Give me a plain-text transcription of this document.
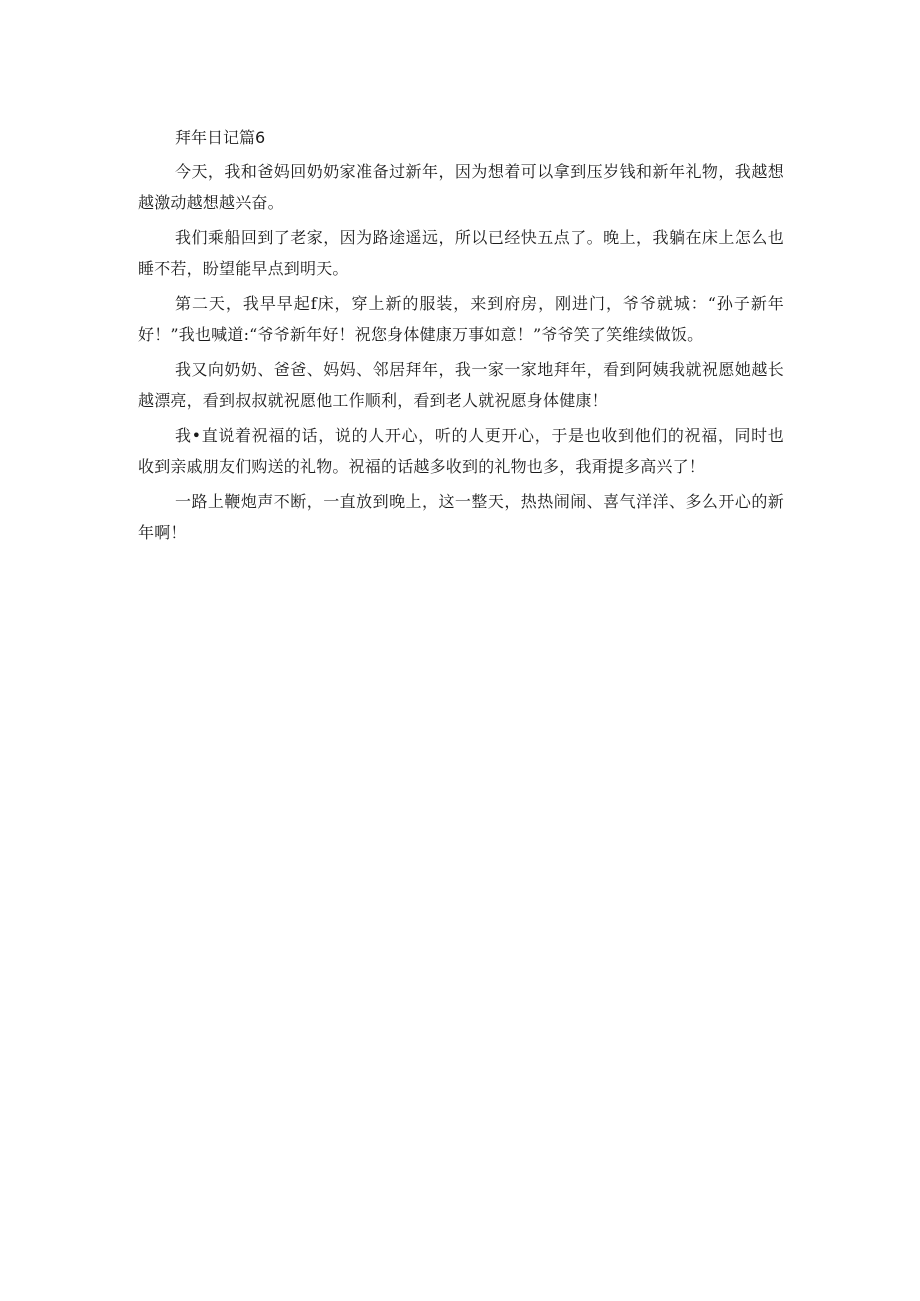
拜年日记篇6

今天，我和爸妈回奶奶家准备过新年，因为想着可以拿到压岁钱和新年礼物，我越想越激动越想越兴奋。

我们乘船回到了老家，因为路途遥远，所以已经快五点了。晚上，我躺在床上怎么也睡不若，盼望能早点到明天。

第二天，我早早起f床，穿上新的服装，来到府房，刚进门，爷爷就城：“孙子新年好！”我也喊道:“爷爷新年好！祝您身体健康万事如意！”爷爷笑了笑维续做饭。

我又向奶奶、爸爸、妈妈、邻居拜年，我一家一家地拜年，看到阿姨我就祝愿她越长越漂亮，看到叔叔就祝愿他工作顺利，看到老人就祝愿身体健康！

我•直说着祝福的话，说的人开心，听的人更开心，于是也收到他们的祝福，同时也收到亲戚朋友们购送的礼物。祝福的话越多收到的礼物也多，我甭提多高兴了！

一路上鞭炮声不断，一直放到晚上，这一整天，热热闹闹、喜气洋洋、多么开心的新年啊！
